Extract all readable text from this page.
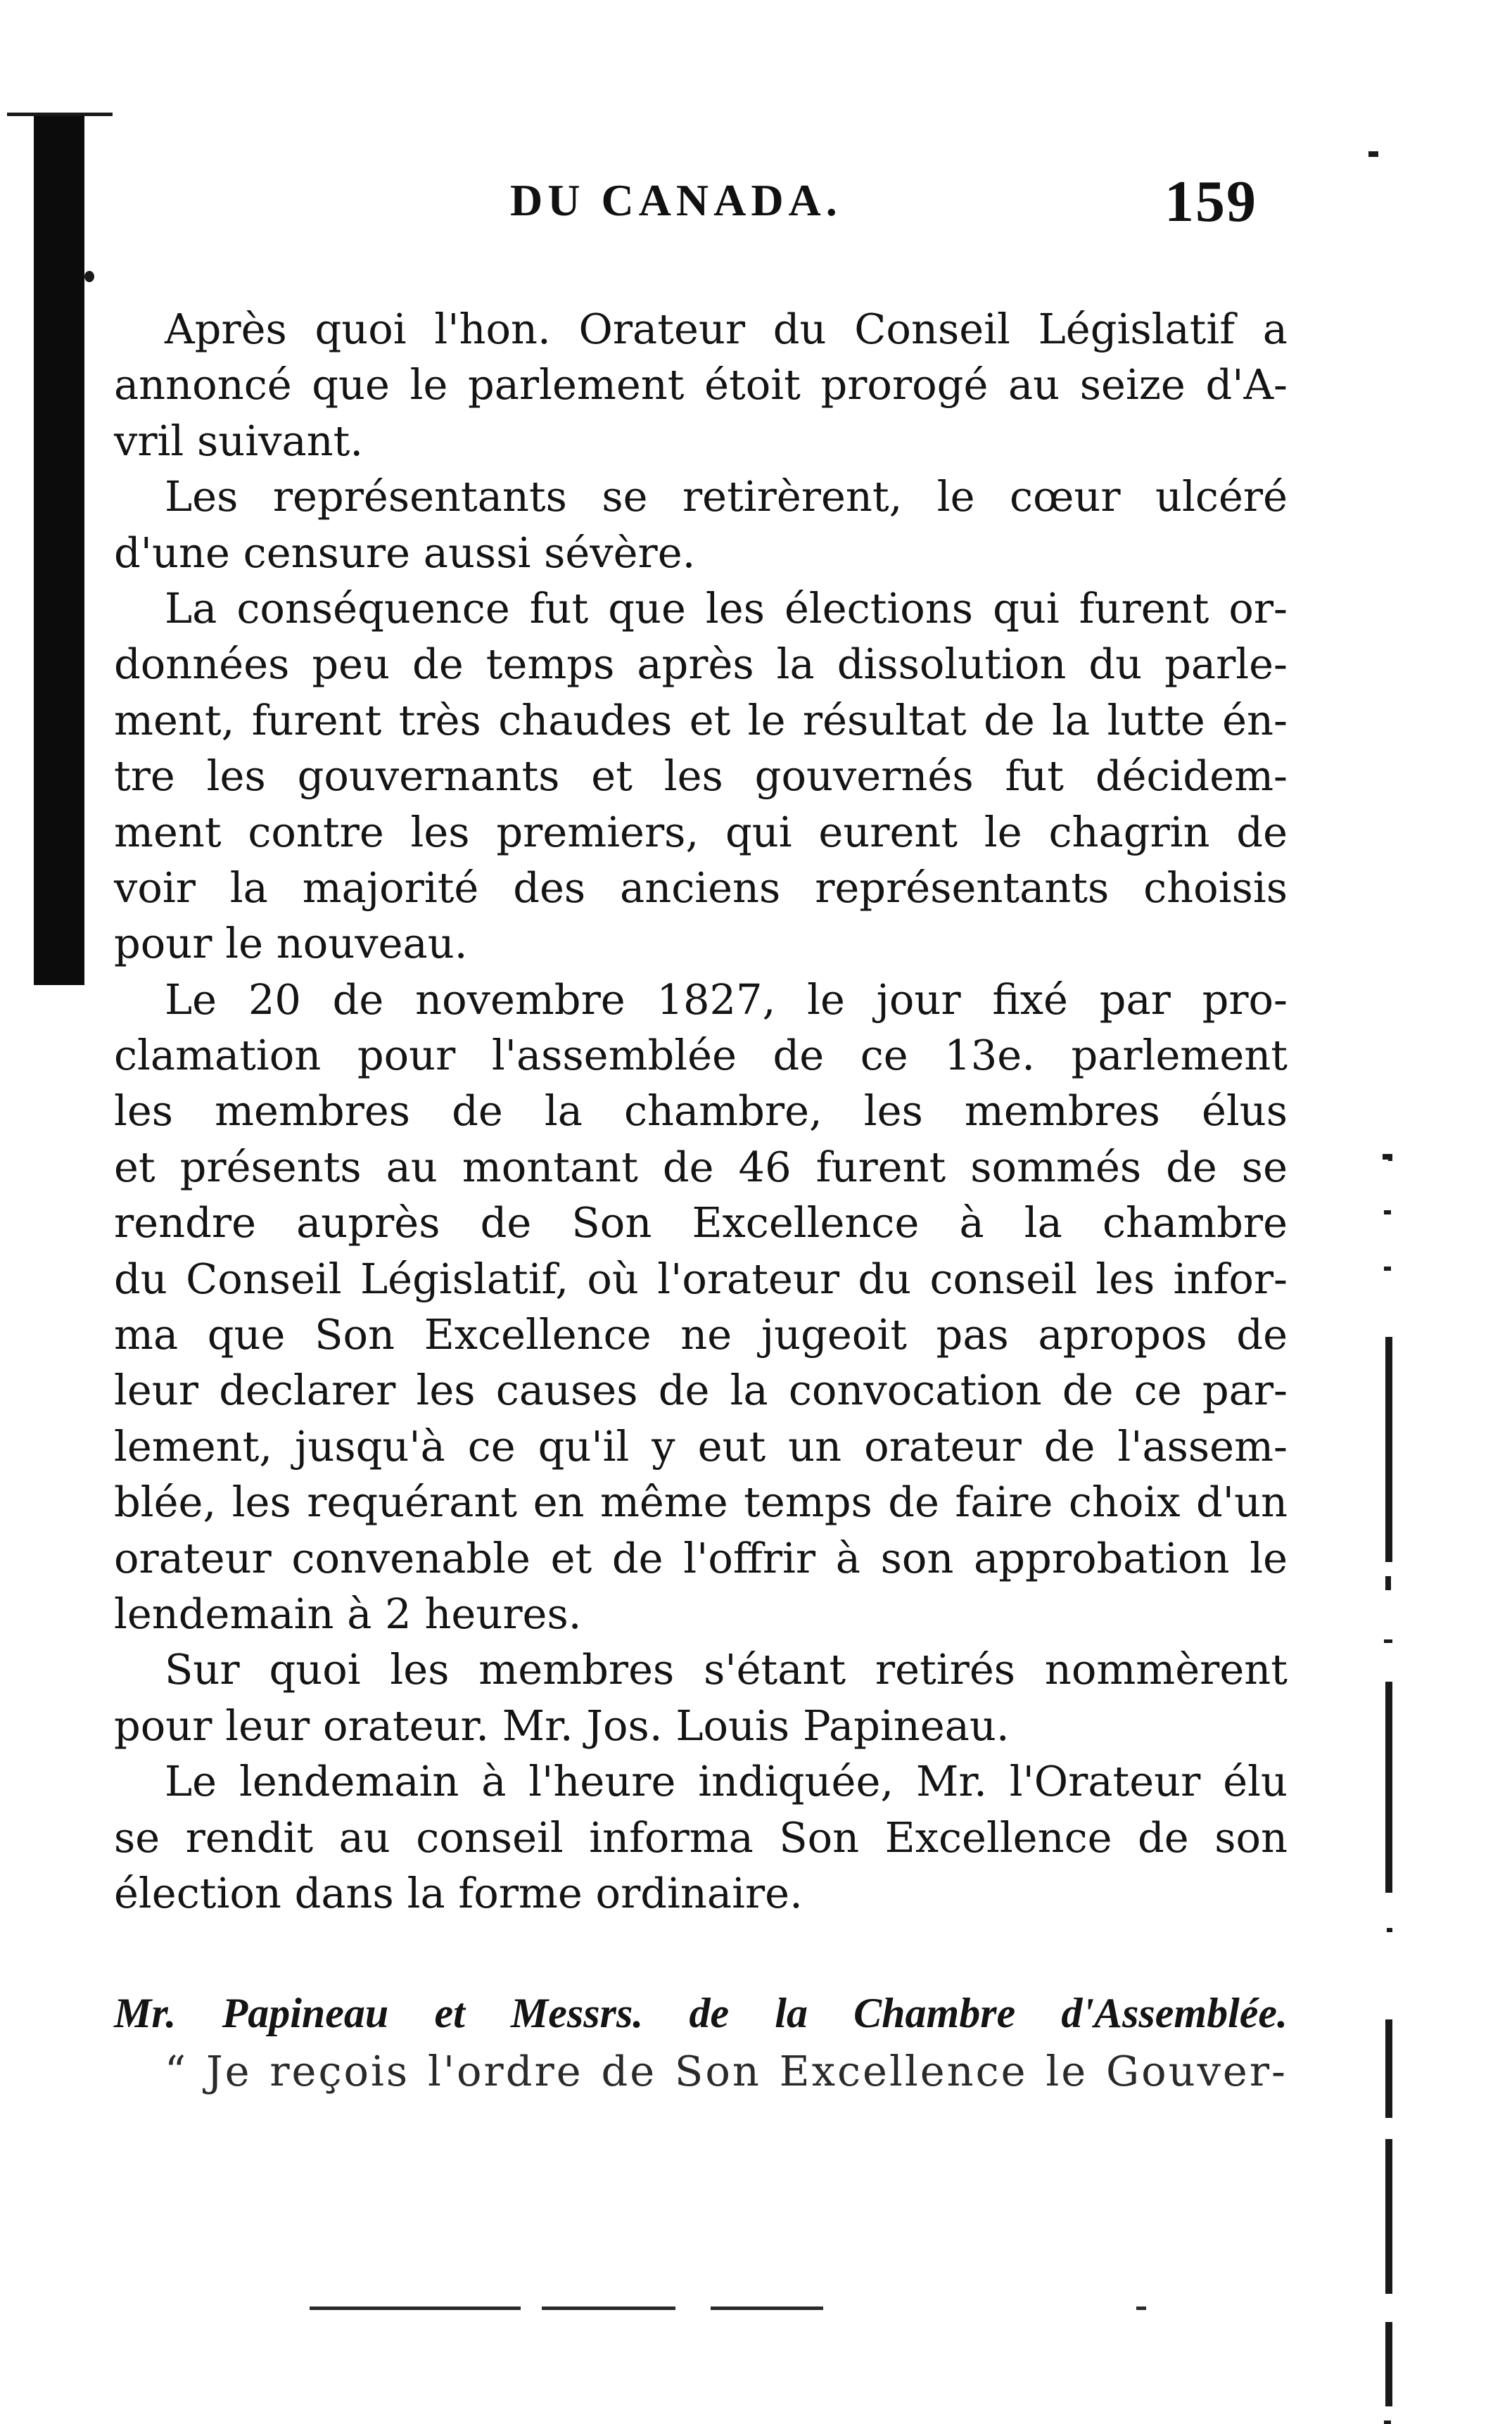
DU CANADA.	159
Après quoi l'hon. Orateur du Conseil Législatif a
annoncé que le parlement étoit prorogé au seize d'A-
vril suivant.
Les représentants se retirèrent, le cœur ulcéré
d'une censure aussi sévère.
La conséquence fut que les élections qui furent or-
données peu de temps après la dissolution du parle-
ment, furent très chaudes et le résultat de la lutte én-
tre les gouvernants et les gouvernés fut décidem-
ment contre les premiers, qui eurent le chagrin de
voir la majorité des anciens représentants choisis
pour le nouveau.
Le 20 de novembre 1827, le jour fixé par pro-
clamation pour l'assemblée de ce 13e. parlement
les membres de la chambre, les membres élus
et présents au montant de 46 furent sommés de se
rendre auprès de Son Excellence à la chambre
du Conseil Législatif, où l'orateur du conseil les infor-
ma que Son Excellence ne jugeoit pas apropos de
leur declarer les causes de la convocation de ce par-
lement, jusqu'à ce qu'il y eut un orateur de l'assem-
blée, les requérant en même temps de faire choix d'un
orateur convenable et de l'offrir à son approbation le
lendemain à 2 heures.
Sur quoi les membres s'étant retirés nommèrent
pour leur orateur. Mr. Jos. Louis Papineau.
Le lendemain à l'heure indiquée, Mr. l'Orateur élu
se rendit au conseil informa Son Excellence de son
élection dans la forme ordinaire.
Mr. Papineau et Messrs. de la Chambre d'Assemblée.
“ Je reçois l'ordre de Son Excellence le Gouver-
